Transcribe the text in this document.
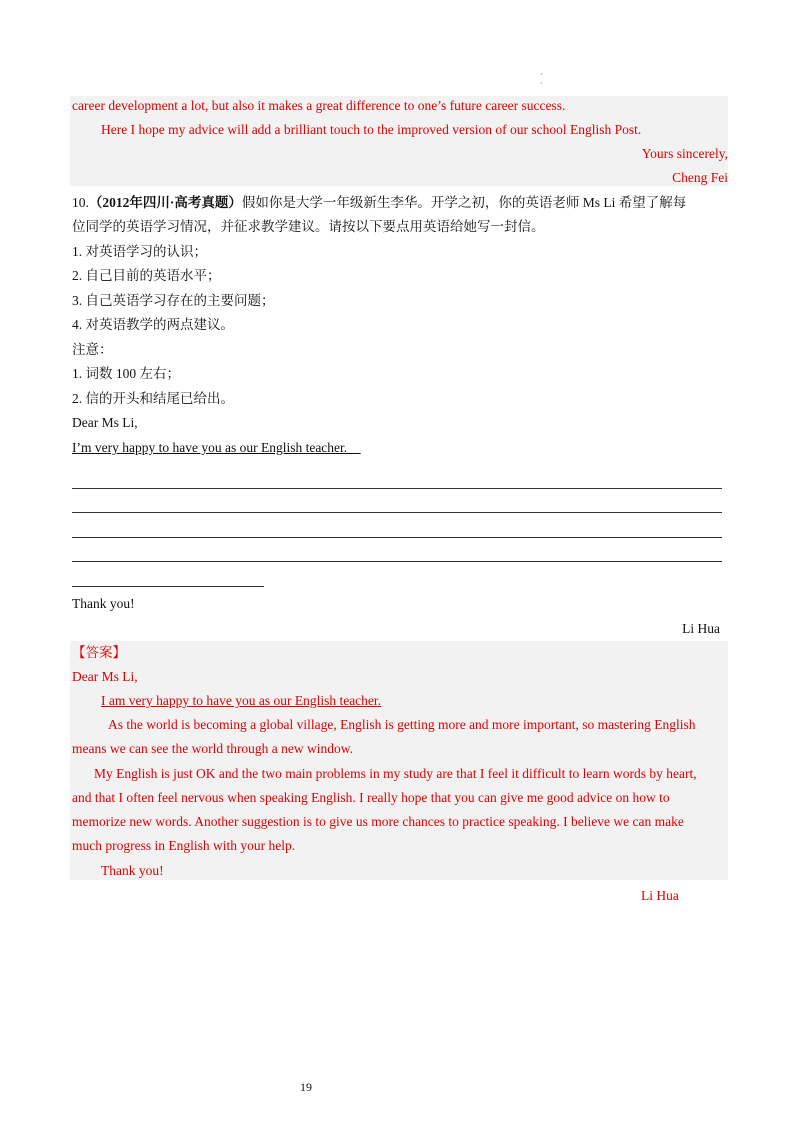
·
·
career development a lot, but also it makes a great difference to one’s future career success.
Here I hope my advice will add a brilliant touch to the improved version of our school English Post.
Yours sincerely,
Cheng Fei
10.（2012年四川·高考真题）假如你是大学一年级新生李华。开学之初，你的英语老师 Ms Li 希望了解每
位同学的英语学习情况，并征求教学建议。请按以下要点用英语给她写一封信。
1. 对英语学习的认识；
2. 自己目前的英语水平；
3. 自己英语学习存在的主要问题；
4. 对英语教学的两点建议。
注意：
1. 词数 100 左右；
2. 信的开头和结尾已给出。
Dear Ms Li,
I’m very happy to have you as our English teacher.
Thank you!
Li Hua
【答案】
Dear Ms Li,
I am very happy to have you as our English teacher.
As the world is becoming a global village, English is getting more and more important, so mastering English
means we can see the world through a new window.
My English is just OK and the two main problems in my study are that I feel it difficult to learn words by heart,
and that I often feel nervous when speaking English. I really hope that you can give me good advice on how to
memorize new words. Another suggestion is to give us more chances to practice speaking. I believe we can make
much progress in English with your help.
Thank you!
Li Hua
19
